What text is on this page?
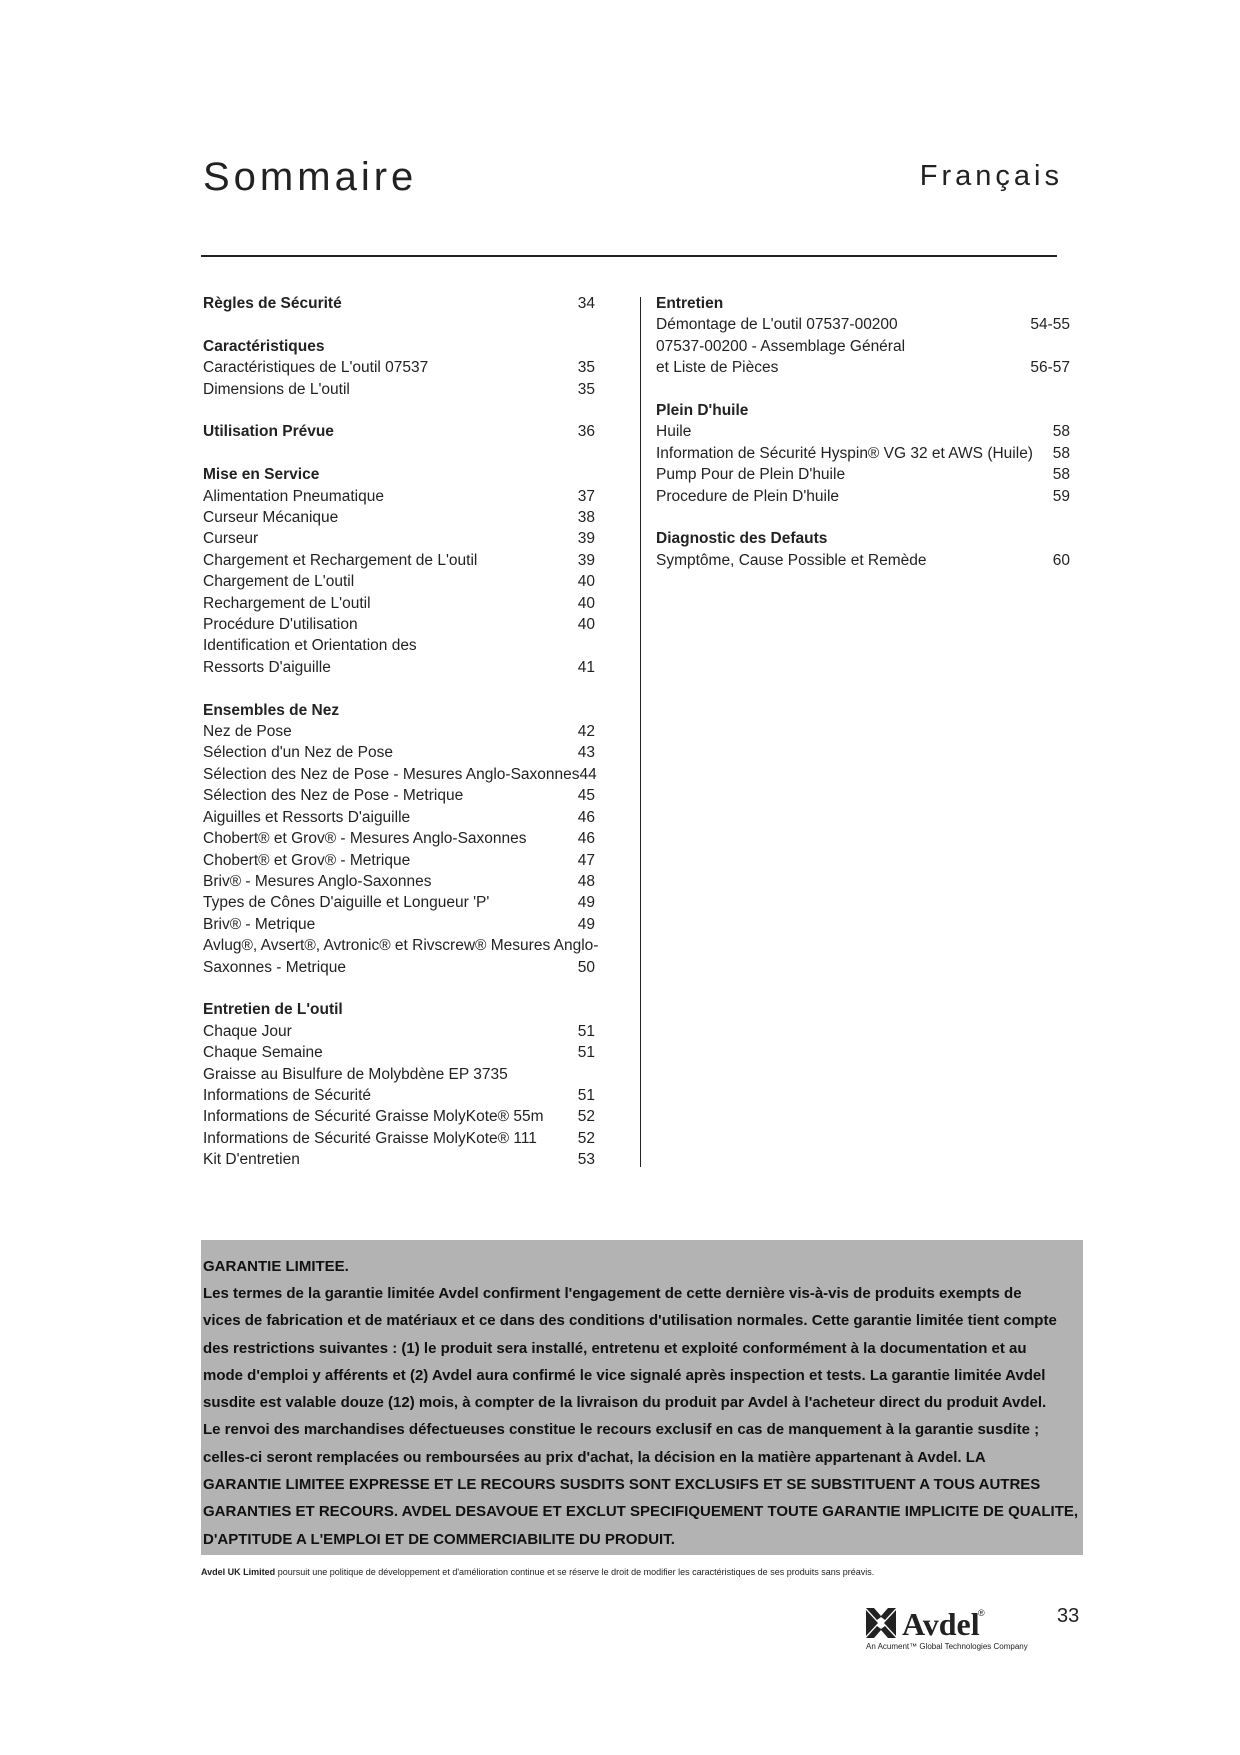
Sommaire	Français
Règles de Sécurité	34
Caractéristiques
Caractéristiques de L'outil 07537	35
Dimensions de L'outil	35
Utilisation Prévue	36
Mise en Service
Alimentation Pneumatique	37
Curseur Mécanique	38
Curseur	39
Chargement et Rechargement de L'outil	39
Chargement de L'outil	40
Rechargement de L'outil	40
Procédure D'utilisation	40
Identification et Orientation des
Ressorts D'aiguille	41
Ensembles de Nez
Nez de Pose	42
Sélection d'un Nez de Pose	43
Sélection des Nez de Pose - Mesures Anglo-Saxonnes 44
Sélection des Nez de Pose - Metrique	45
Aiguilles et Ressorts D'aiguille	46
Chobert® et Grov® - Mesures Anglo-Saxonnes	46
Chobert® et Grov® - Metrique	47
Briv® - Mesures Anglo-Saxonnes	48
Types de Cônes D'aiguille et Longueur 'P'	49
Briv® - Metrique	49
Avlug®, Avsert®, Avtronic® et Rivscrew® Mesures Anglo-
Saxonnes - Metrique	50
Entretien de L'outil
Chaque Jour	51
Chaque Semaine	51
Graisse au Bisulfure de Molybdène EP 3735
Informations de Sécurité	51
Informations de Sécurité Graisse MolyKote® 55m	52
Informations de Sécurité Graisse MolyKote® 111	52
Kit D'entretien	53
Entretien
Démontage de L'outil 07537-00200	54-55
07537-00200 - Assemblage Général
et Liste de Pièces	56-57
Plein D'huile
Huile	58
Information de Sécurité Hyspin® VG 32 et AWS (Huile)	58
Pump Pour de Plein D'huile	58
Procedure de Plein D'huile	59
Diagnostic des Defauts
Symptôme, Cause Possible et Remède	60
GARANTIE LIMITEE.

Les termes de la garantie limitée Avdel confirment l'engagement de cette dernière vis-à-vis de produits exempts de

vices de fabrication et de matériaux et ce dans des conditions d'utilisation normales. Cette garantie limitée tient compte

des restrictions suivantes : (1) le produit sera installé, entretenu et exploité conformément à la documentation et au

mode d'emploi y afférents et (2) Avdel aura confirmé le vice signalé après inspection et tests. La garantie limitée Avdel

susdite est valable douze (12) mois, à compter de la livraison du produit par Avdel à l'acheteur direct du produit Avdel.

Le renvoi des marchandises défectueuses constitue le recours exclusif en cas de manquement à la garantie susdite ;

celles-ci seront remplacées ou remboursées au prix d'achat, la décision en la matière appartenant à Avdel. LA

GARANTIE LIMITEE EXPRESSE ET LE RECOURS SUSDITS SONT EXCLUSIFS ET SE SUBSTITUENT A TOUS AUTRES

GARANTIES ET RECOURS. AVDEL DESAVOUE ET EXCLUT SPECIFIQUEMENT TOUTE GARANTIE IMPLICITE DE QUALITE,

D'APTITUDE A L'EMPLOI ET DE COMMERCIABILITE DU PRODUIT.

Avdel UK Limited poursuit une politique de développement et d'amélioration continue et se réserve le droit de modifier les caractéristiques de ses produits sans préavis.
Avdel
®
An Acument™ Global Technologies Company
33
